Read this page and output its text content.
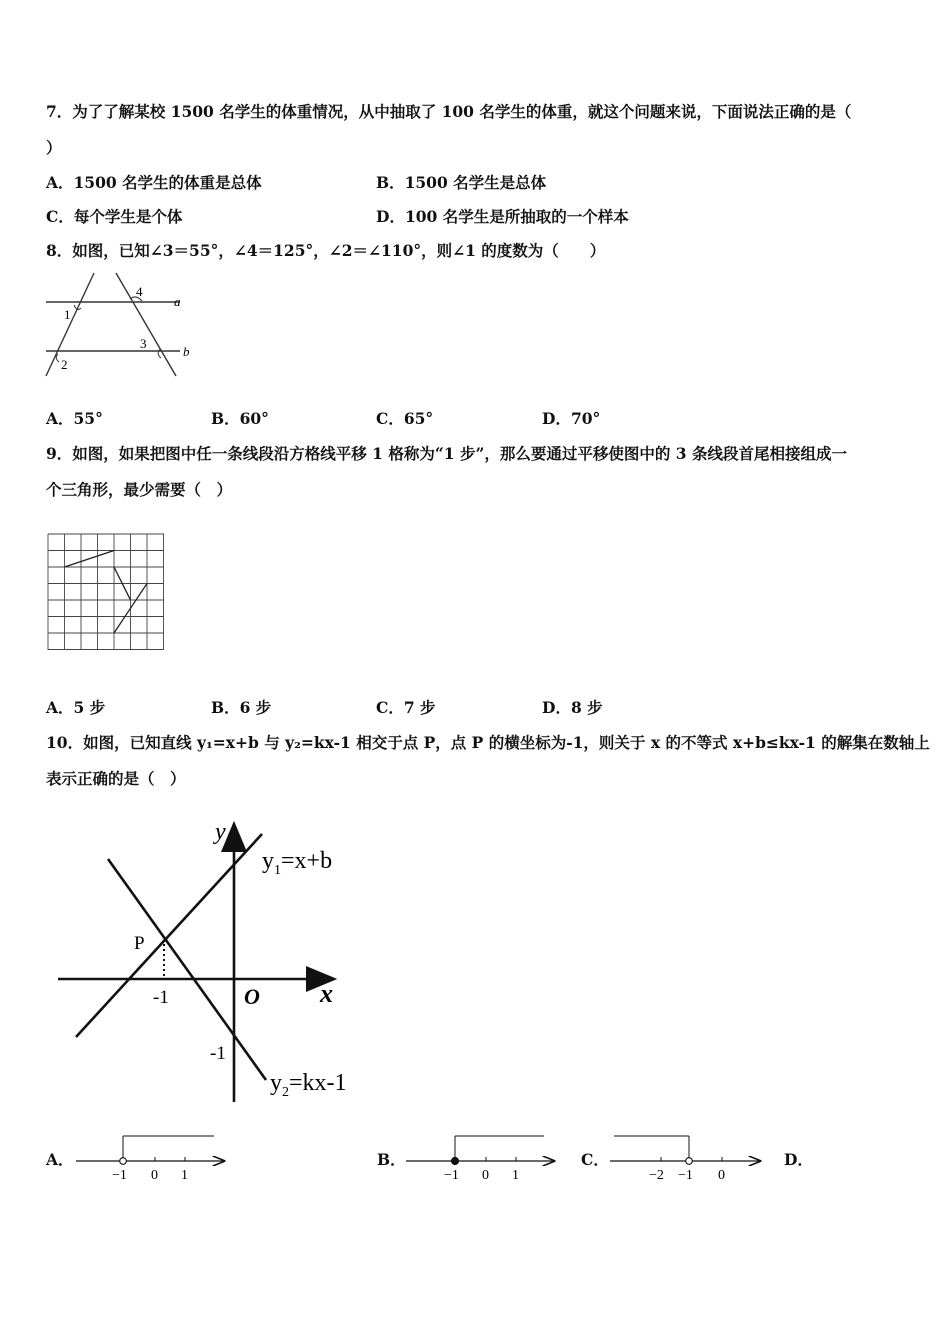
7．为了了解某校 1500 名学生的体重情况，从中抽取了 100 名学生的体重，就这个问题来说，下面说法正确的是（
）
A．1500 名学生的体重是总体	B．1500 名学生是总体
C．每个学生是个体	D．100 名学生是所抽取的一个样本
8．如图，已知∠3＝55°，∠4＝125°，∠2＝∠110°，则∠1 的度数为（　　）
4
3
1
2
a
b
A．55°	B．60°	C．65°	D．70°
9．如图，如果把图中任一条线段沿方格线平移 1 格称为“1 步”，那么要通过平移使图中的 3 条线段首尾相接组成一
个三角形，最少需要（　）
A．5 步	B．6 步	C．7 步	D．8 步
10．如图，已知直线 y₁=x+b 与 y₂=kx-1 相交于点 P，点 P 的横坐标为-1，则关于 x 的不等式 x+b≤kx-1 的解集在数轴上
表示正确的是（　）
y
x
O
P
-1
-1
$y_1=x+b$
$y_2=kx-1$
A．
−1 0 1
B．
−1 0 1
C．
−2 −1 0
D．
